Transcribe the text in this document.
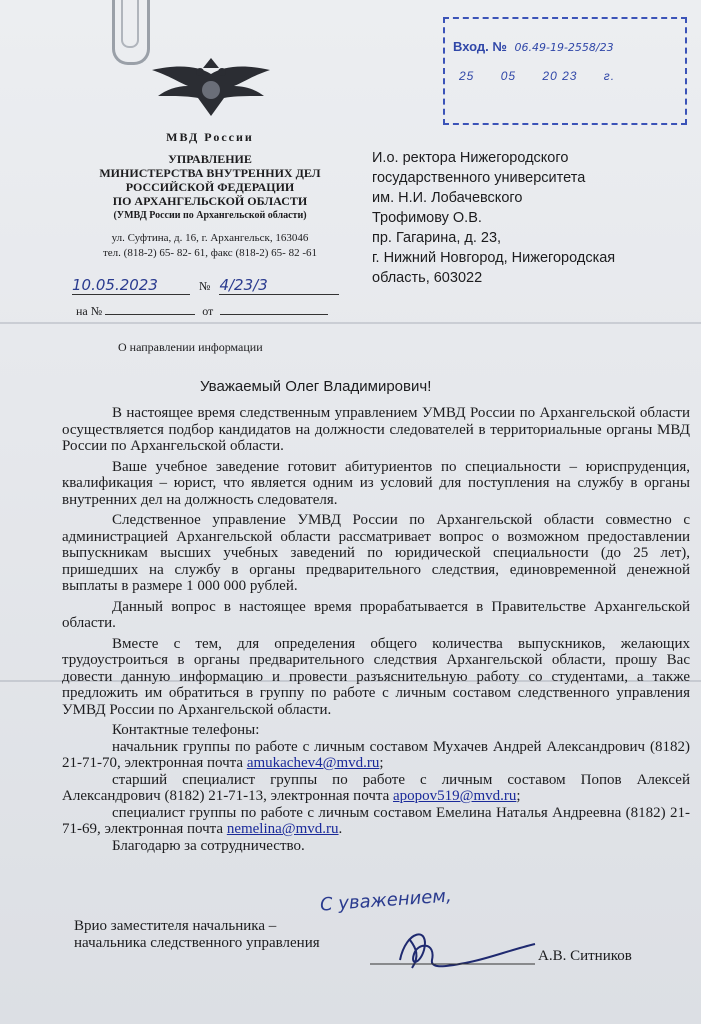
Вход. № 06.49-19-2558/23
25 05 20 23 г.
МВД России
УПРАВЛЕНИЕ
МИНИСТЕРСТВА ВНУТРЕННИХ ДЕЛ
РОССИЙСКОЙ ФЕДЕРАЦИИ
ПО АРХАНГЕЛЬСКОЙ ОБЛАСТИ
(УМВД России по Архангельской области)
ул. Суфтина, д. 16, г. Архангельск, 163046
тел. (818-2) 65- 82- 61, факс (818-2) 65- 82 -61
10.05.2023	№ 4/23/3
на №	от
И.о. ректора Нижегородского
государственного университета
им. Н.И. Лобачевского
Трофимову О.В.
пр. Гагарина, д. 23,
г. Нижний Новгород, Нижегородская
область, 603022
О направлении информации
Уважаемый Олег Владимирович!

В настоящее время следственным управлением УМВД России по Архангельской области осуществляется подбор кандидатов на должности следователей в территориальные органы МВД России по Архангельской области.

Ваше учебное заведение готовит абитуриентов по специальности – юриспруденция, квалификация – юрист, что является одним из условий для поступления на службу в органы внутренних дел на должность следователя.

Следственное управление УМВД России по Архангельской области совместно с администрацией Архангельской области рассматривает вопрос о возможном предоставлении выпускникам высших учебных заведений по юридической специальности (до 25 лет), пришедших на службу в органы предварительного следствия, единовременной денежной выплаты в размере 1 000 000 рублей.

Данный вопрос в настоящее время прорабатывается в Правительстве Архангельской области.

Вместе с тем, для определения общего количества выпускников, желающих трудоустроиться в органы предварительного следствия Архангельской области, прошу Вас довести данную информацию и провести разъяснительную работу со студентами, а также предложить им обратиться в группу по работе с личным составом следственного управления УМВД России по Архангельской области.

Контактные телефоны:

начальник группы по работе с личным составом Мухачев Андрей Александрович (8182) 21-71-70, электронная почта amukachev4@mvd.ru;

старший специалист группы по работе с личным составом Попов Алексей Александрович (8182) 21-71-13, электронная почта apopov519@mvd.ru;

специалист группы по работе с личным составом Емелина Наталья Андреевна (8182) 21-71-69, электронная почта nemelina@mvd.ru.

Благодарю за сотрудничество.

С уважением,
Врио заместителя начальника –
начальника следственного управления
А.В. Ситников
